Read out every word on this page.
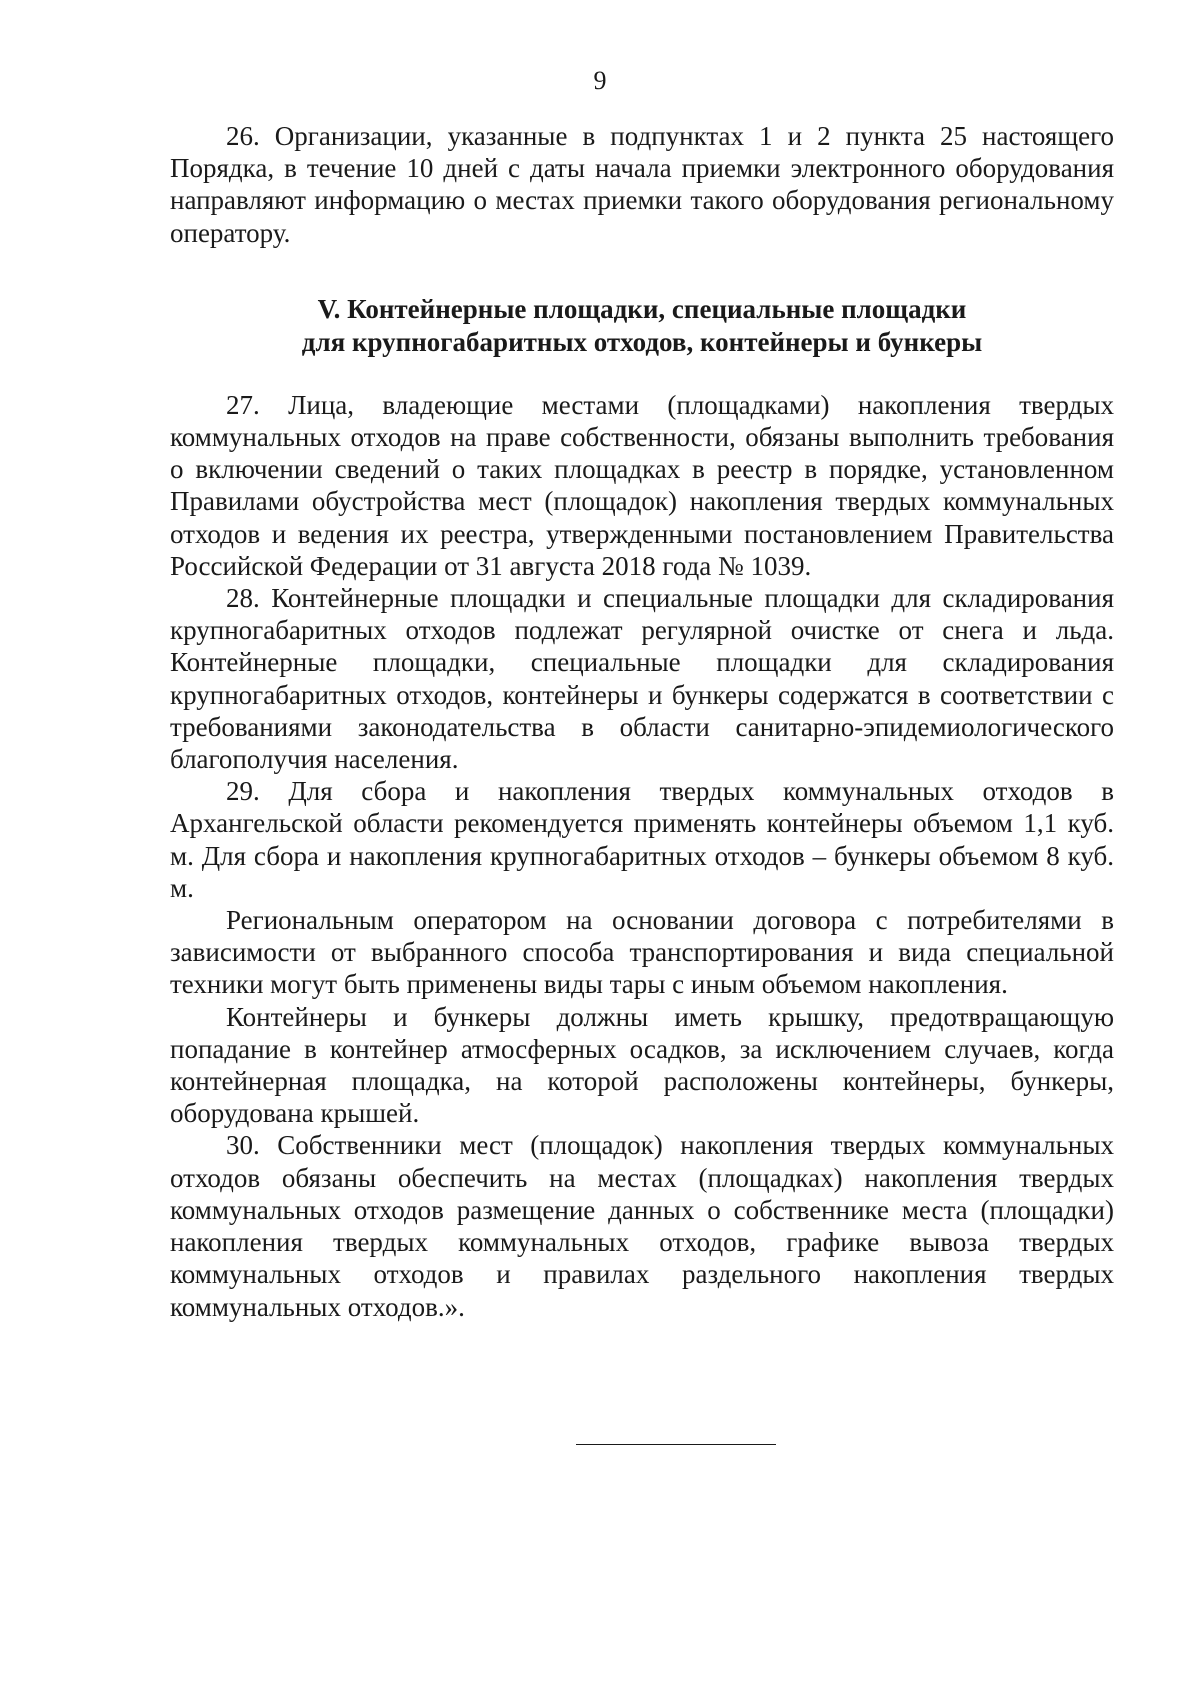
9

26. Организации, указанные в подпунктах 1 и 2 пункта 25 настоящего Порядка, в течение 10 дней с даты начала приемки электронного оборудования направляют информацию о местах приемки такого оборудования региональному оператору.

V. Контейнерные площадки, специальные площадки
для крупногабаритных отходов, контейнеры и бункеры

27. Лица, владеющие местами (площадками) накопления твердых коммунальных отходов на праве собственности, обязаны выполнить требования о включении сведений о таких площадках в реестр в порядке, установленном Правилами обустройства мест (площадок) накопления твердых коммунальных отходов и ведения их реестра, утвержденными постановлением Правительства Российской Федерации от 31 августа 2018 года № 1039.

28. Контейнерные площадки и специальные площадки для складирования крупногабаритных отходов подлежат регулярной очистке от снега и льда. Контейнерные площадки, специальные площадки для складирования крупногабаритных отходов, контейнеры и бункеры содержатся в соответствии с требованиями законодательства в области санитарно-эпидемиологического благополучия населения.

29. Для сбора и накопления твердых коммунальных отходов в Архангельской области рекомендуется применять контейнеры объемом 1,1 куб. м. Для сбора и накопления крупногабаритных отходов – бункеры объемом 8 куб. м.

Региональным оператором на основании договора с потребителями в зависимости от выбранного способа транспортирования и вида специальной техники могут быть применены виды тары с иным объемом накопления.

Контейнеры и бункеры должны иметь крышку, предотвращающую попадание в контейнер атмосферных осадков, за исключением случаев, когда контейнерная площадка, на которой расположены контейнеры, бункеры, оборудована крышей.

30. Собственники мест (площадок) накопления твердых коммунальных отходов обязаны обеспечить на местах (площадках) накопления твердых коммунальных отходов размещение данных о собственнике места (площадки) накопления твердых коммунальных отходов, графике вывоза твердых коммунальных отходов и правилах раздельного накопления твердых коммунальных отходов.».
